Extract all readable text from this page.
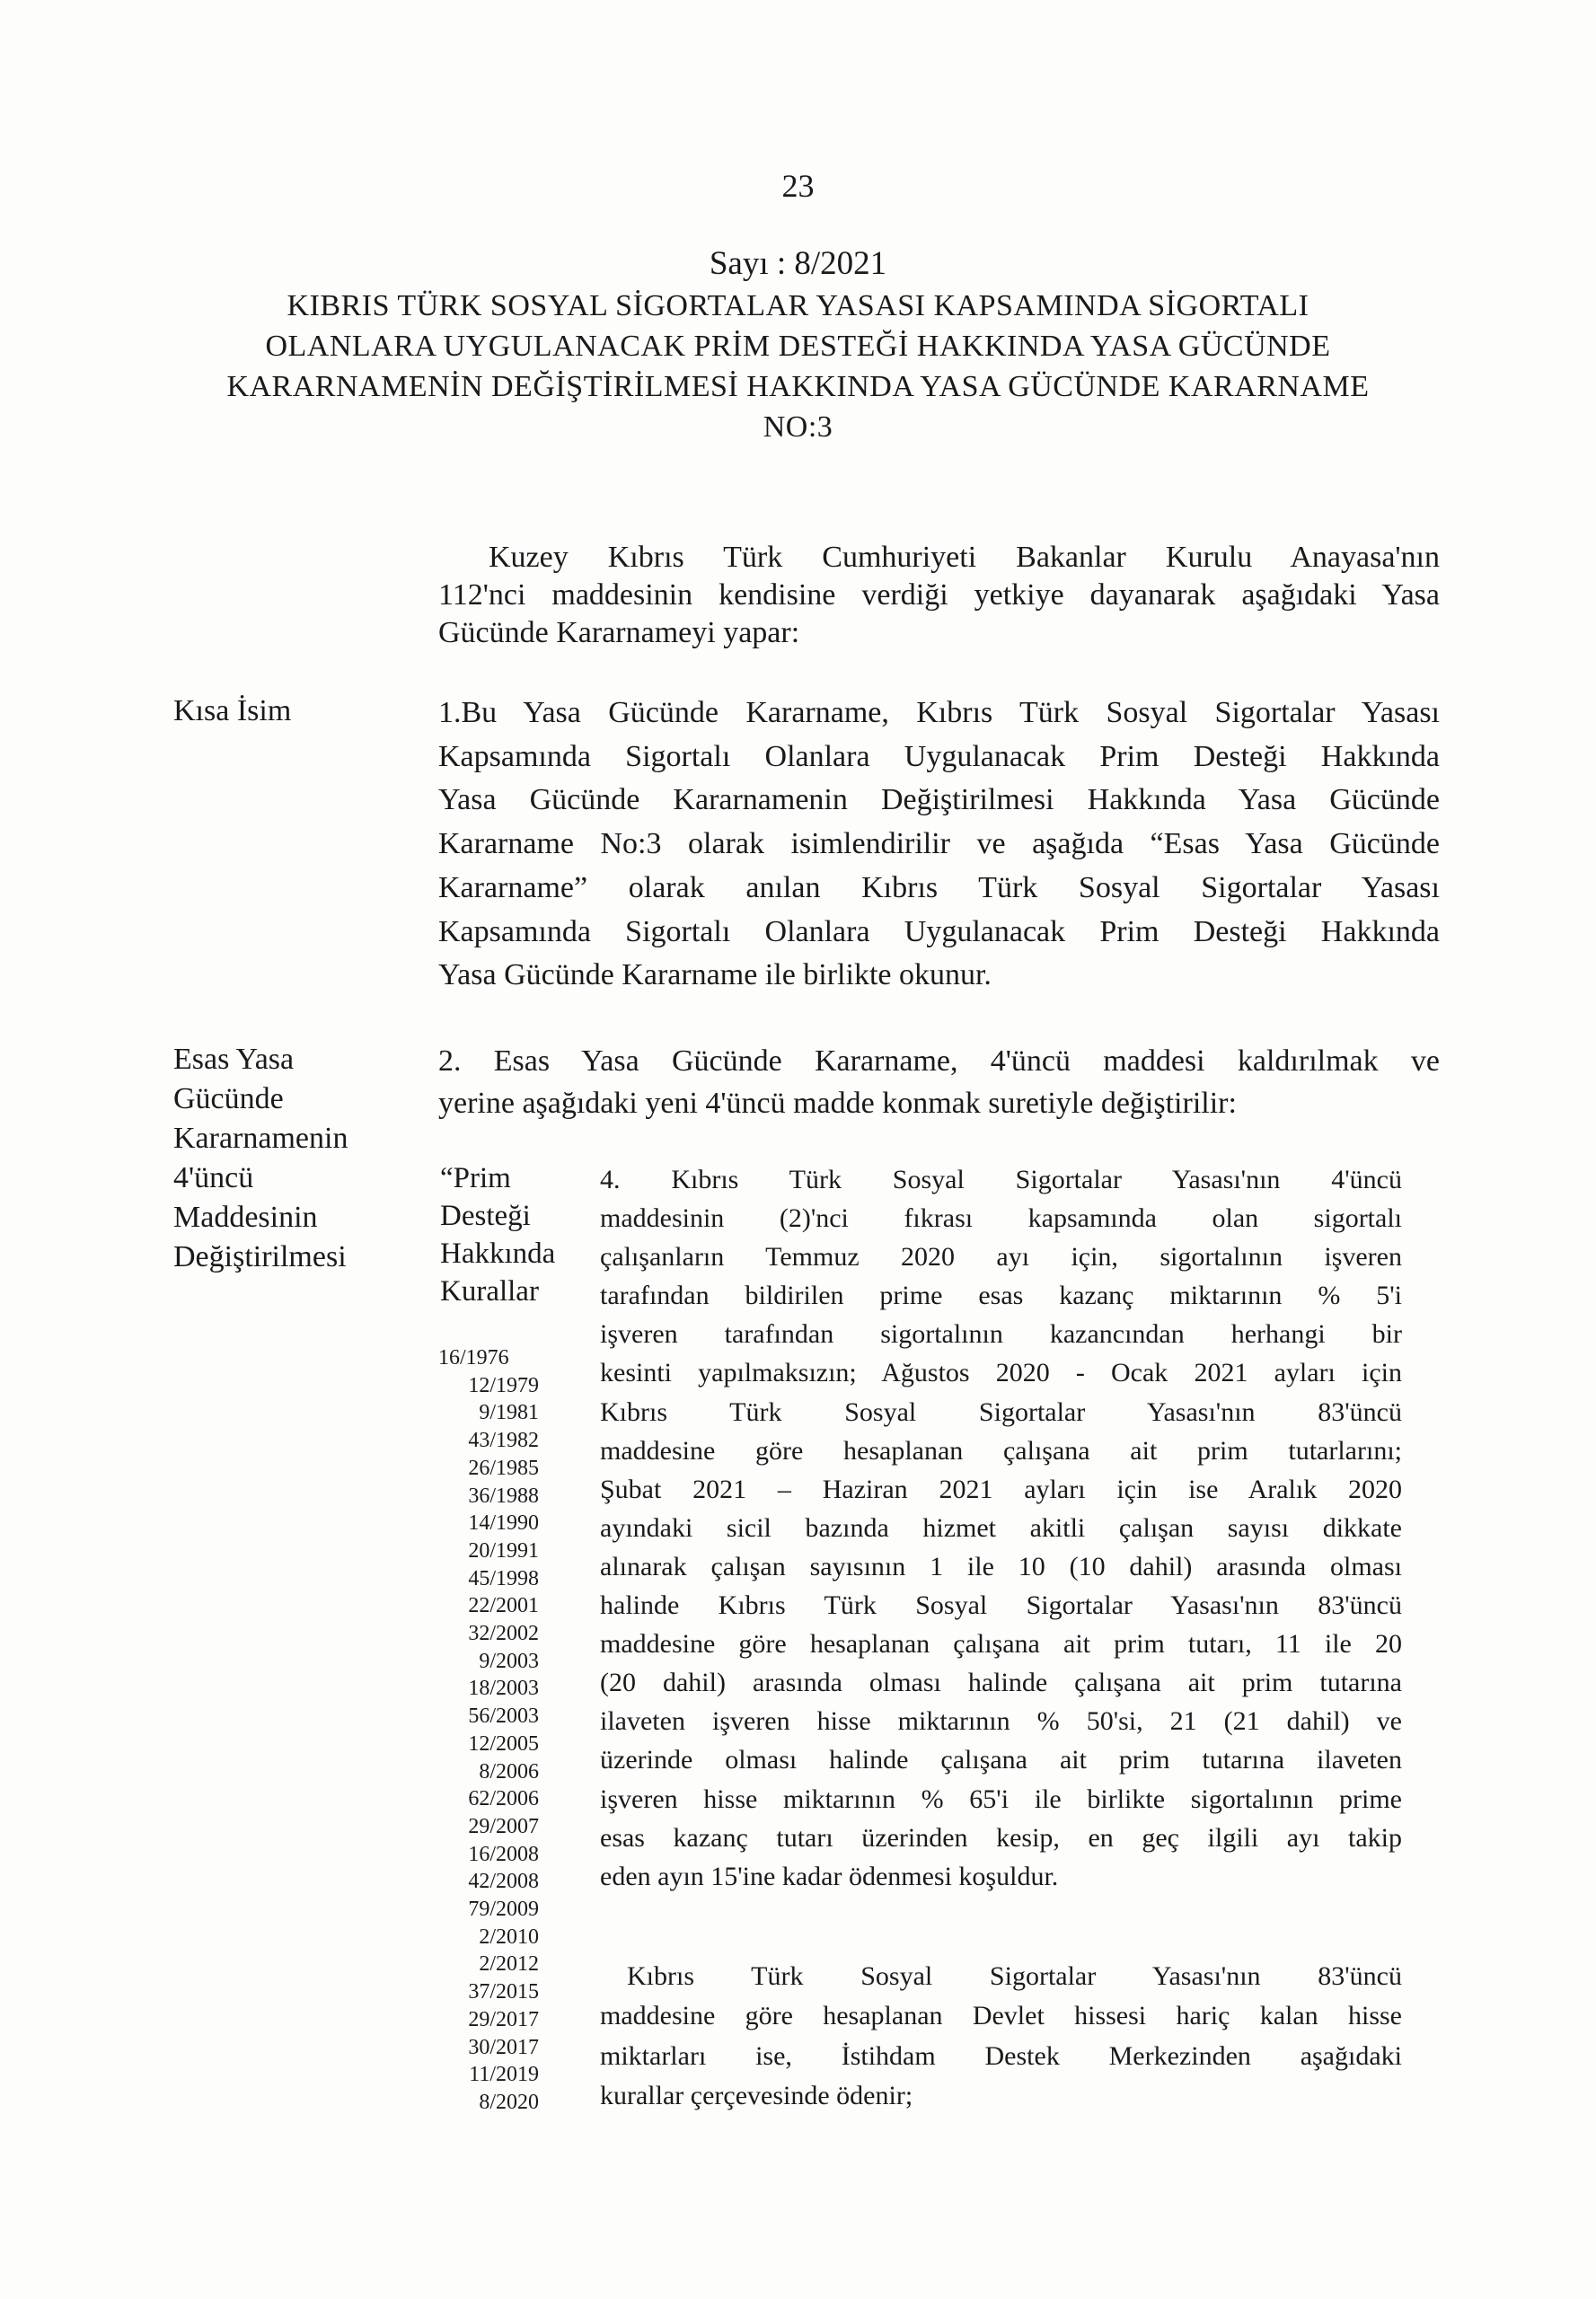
23
Sayı : 8/2021
KIBRIS TÜRK SOSYAL SİGORTALAR YASASI KAPSAMINDA SİGORTALI
OLANLARA UYGULANACAK PRİM DESTEĞİ HAKKINDA YASA GÜCÜNDE
KARARNAMENİN DEĞİŞTİRİLMESİ HAKKINDA YASA GÜCÜNDE KARARNAME
NO:3
Kuzey Kıbrıs Türk Cumhuriyeti Bakanlar Kurulu Anayasa'nın
112'nci maddesinin kendisine verdiği yetkiye dayanarak aşağıdaki Yasa
Gücünde Kararnameyi yapar:
Kısa İsim	1.Bu Yasa Gücünde Kararname, Kıbrıs Türk Sosyal Sigortalar Yasası
Kapsamında Sigortalı Olanlara Uygulanacak Prim Desteği Hakkında
Yasa Gücünde Kararnamenin Değiştirilmesi Hakkında Yasa Gücünde
Kararname No:3 olarak isimlendirilir ve aşağıda “Esas Yasa Gücünde
Kararname” olarak anılan Kıbrıs Türk Sosyal Sigortalar Yasası
Kapsamında Sigortalı Olanlara Uygulanacak Prim Desteği Hakkında
Yasa Gücünde Kararname ile birlikte okunur.
Esas Yasa
Gücünde
Kararnamenin
4'üncü
Maddesinin
Değiştirilmesi
2. Esas Yasa Gücünde Kararname, 4'üncü maddesi kaldırılmak ve
yerine aşağıdaki yeni 4'üncü madde konmak suretiyle değiştirilir:
“Prim
Desteği
Hakkında
Kurallar
4. Kıbrıs Türk Sosyal Sigortalar Yasası'nın 4'üncü
maddesinin (2)'nci fıkrası kapsamında olan sigortalı
çalışanların Temmuz 2020 ayı için, sigortalının işveren
tarafından bildirilen prime esas kazanç miktarının % 5'i
işveren tarafından sigortalının kazancından herhangi bir
kesinti yapılmaksızın; Ağustos 2020 - Ocak 2021 ayları için
Kıbrıs Türk Sosyal Sigortalar Yasası'nın 83'üncü
maddesine göre hesaplanan çalışana ait prim tutarlarını;
Şubat 2021 – Haziran 2021 ayları için ise Aralık 2020
ayındaki sicil bazında hizmet akitli çalışan sayısı dikkate
alınarak çalışan sayısının 1 ile 10 (10 dahil) arasında olması
halinde Kıbrıs Türk Sosyal Sigortalar Yasası'nın 83'üncü
maddesine göre hesaplanan çalışana ait prim tutarı, 11 ile 20
(20 dahil) arasında olması halinde çalışana ait prim tutarına
ilaveten işveren hisse miktarının % 50'si, 21 (21 dahil) ve
üzerinde olması halinde çalışana ait prim tutarına ilaveten
işveren hisse miktarının % 65'i ile birlikte sigortalının prime
esas kazanç tutarı üzerinden kesip, en geç ilgili ayı takip
eden ayın 15'ine kadar ödenmesi koşuldur.
16/1976
12/1979
9/1981
43/1982
26/1985
36/1988
14/1990
20/1991
45/1998
22/2001
32/2002
9/2003
18/2003
56/2003
12/2005
8/2006
62/2006
29/2007
16/2008
42/2008
79/2009
2/2010
2/2012
37/2015
29/2017
30/2017
11/2019
8/2020
Kıbrıs Türk Sosyal Sigortalar Yasası'nın 83'üncü
maddesine göre hesaplanan Devlet hissesi hariç kalan hisse
miktarları ise, İstihdam Destek Merkezinden aşağıdaki
kurallar çerçevesinde ödenir;
